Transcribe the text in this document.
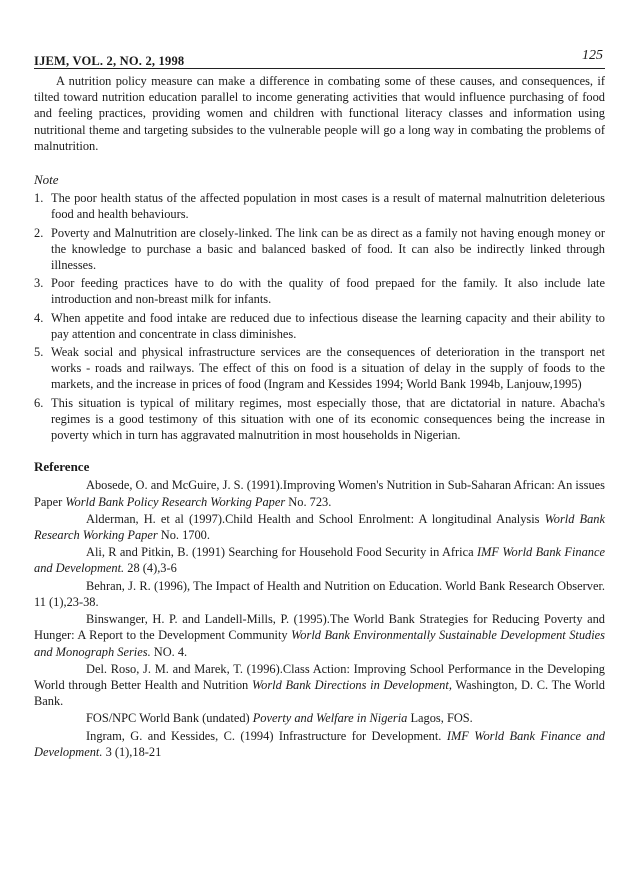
IJEM, VOL. 2, NO. 2, 1998	125

A nutrition policy measure can make a difference in combating some of these causes, and consequences, if tilted toward nutrition education parallel to income generating activities that would influence purchasing of food and feeling practices, providing women and children with functional literacy classes and information using nutritional theme and targeting subsides to the vulnerable people will go a long way in combating the problems of malnutrition.

Note
1. The poor health status of the affected population in most cases is a result of maternal malnutrition deleterious food and health behaviours.
2. Poverty and Malnutrition are closely-linked. The link can be as direct as a family not having enough money or the knowledge to purchase a basic and balanced basked of food. It can also be indirectly linked through illnesses.
3. Poor feeding practices have to do with the quality of food prepaed for the family. It also include late introduction and non-breast milk for infants.
4. When appetite and food intake are reduced due to infectious disease the learning capacity and their ability to pay attention and concentrate in class diminishes.
5. Weak social and physical infrastructure services are the consequences of deterioration in the transport net works - roads and railways. The effect of this on food is a situation of delay in the supply of foods to the markets, and the increase in prices of food (Ingram and Kessides 1994; World Bank 1994b, Lanjouw,1995)
6. This situation is typical of military regimes, most especially those, that are dictatorial in nature. Abacha's regimes is a good testimony of this situation with one of its economic consequences being the increase in poverty which in turn has aggravated malnutrition in most households in Nigerian.
Reference
Abosede, O. and McGuire, J. S. (1991).Improving Women's Nutrition in Sub-Saharan African: An issues Paper World Bank Policy Research Working Paper No. 723.
Alderman, H. et al (1997).Child Health and School Enrolment: A longitudinal Analysis World Bank Research Working Paper No. 1700.
Ali, R and Pitkin, B. (1991) Searching for Household Food Security in Africa IMF World Bank Finance and Development. 28 (4),3-6
Behran, J. R. (1996), The Impact of Health and Nutrition on Education. World Bank Research Observer. 11 (1),23-38.
Binswanger, H. P. and Landell-Mills, P. (1995).The World Bank Strategies for Reducing Poverty and Hunger: A Report to the Development Community World Bank Environmentally Sustainable Development Studies and Monograph Series. NO. 4.
Del. Roso, J. M. and Marek, T. (1996).Class Action: Improving School Performance in the Developing World through Better Health and Nutrition World Bank Directions in Development, Washington, D. C. The World Bank.
FOS/NPC World Bank (undated) Poverty and Welfare in Nigeria Lagos, FOS.
Ingram, G. and Kessides, C. (1994) Infrastructure for Development. IMF World Bank Finance and Development. 3 (1),18-21
